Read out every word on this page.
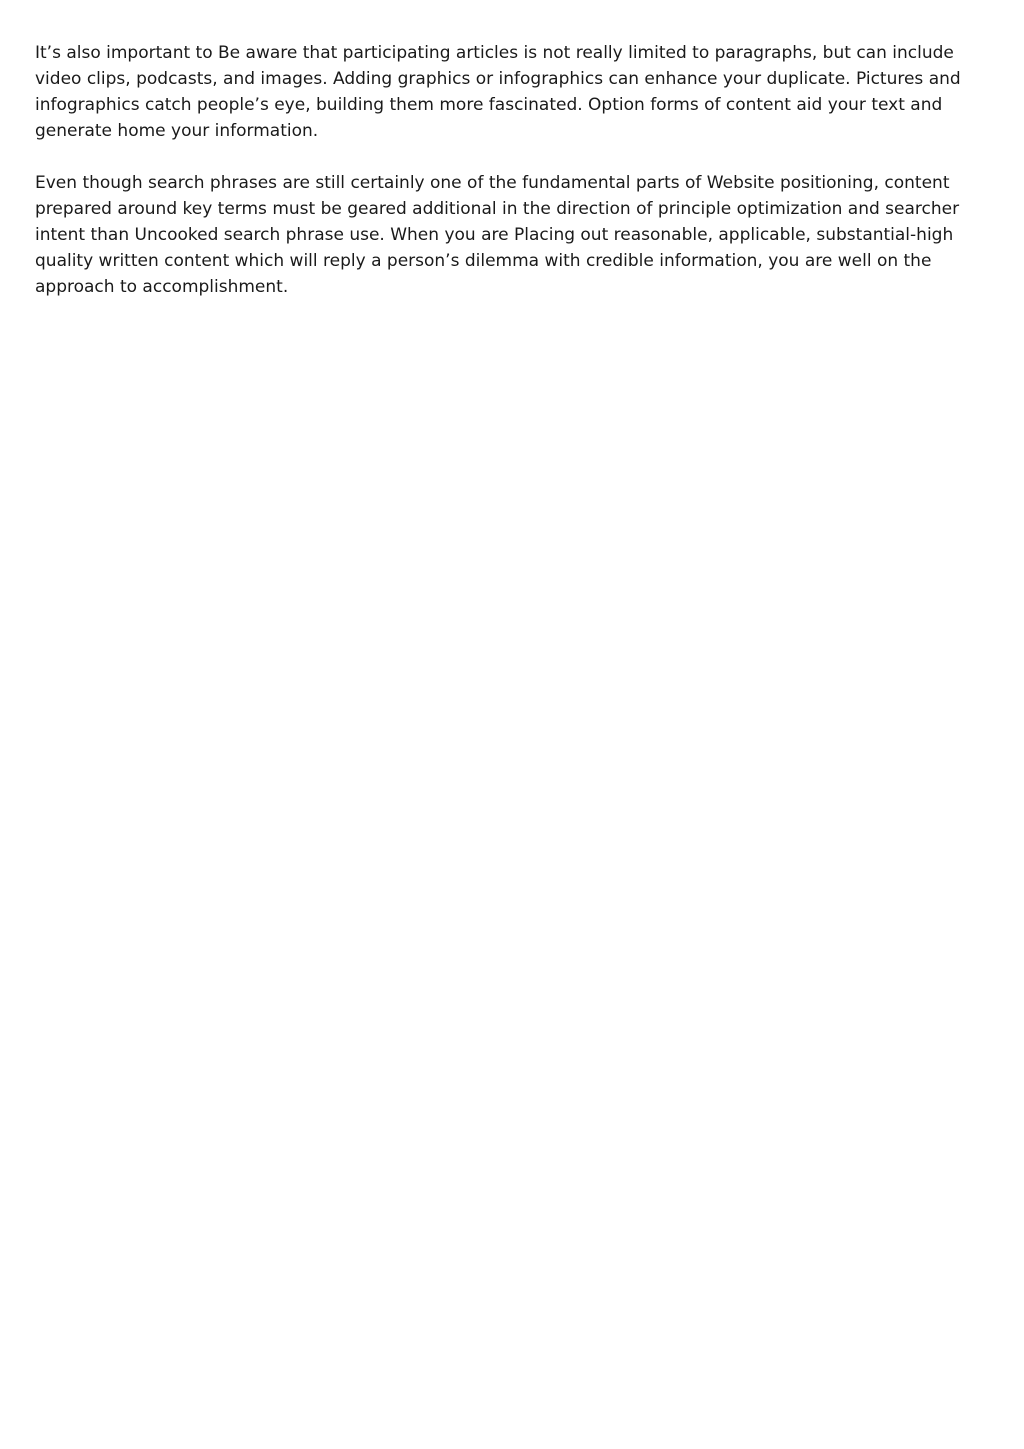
It’s also important to Be aware that participating articles is not really limited to paragraphs, but can include video clips, podcasts, and images. Adding graphics or infographics can enhance your duplicate. Pictures and infographics catch people’s eye, building them more fascinated. Option forms of content aid your text and generate home your information.

Even though search phrases are still certainly one of the fundamental parts of Website positioning, content prepared around key terms must be geared additional in the direction of principle optimization and searcher intent than Uncooked search phrase use. When you are Placing out reasonable, applicable, substantial-high quality written content which will reply a person’s dilemma with credible information, you are well on the approach to accomplishment.
